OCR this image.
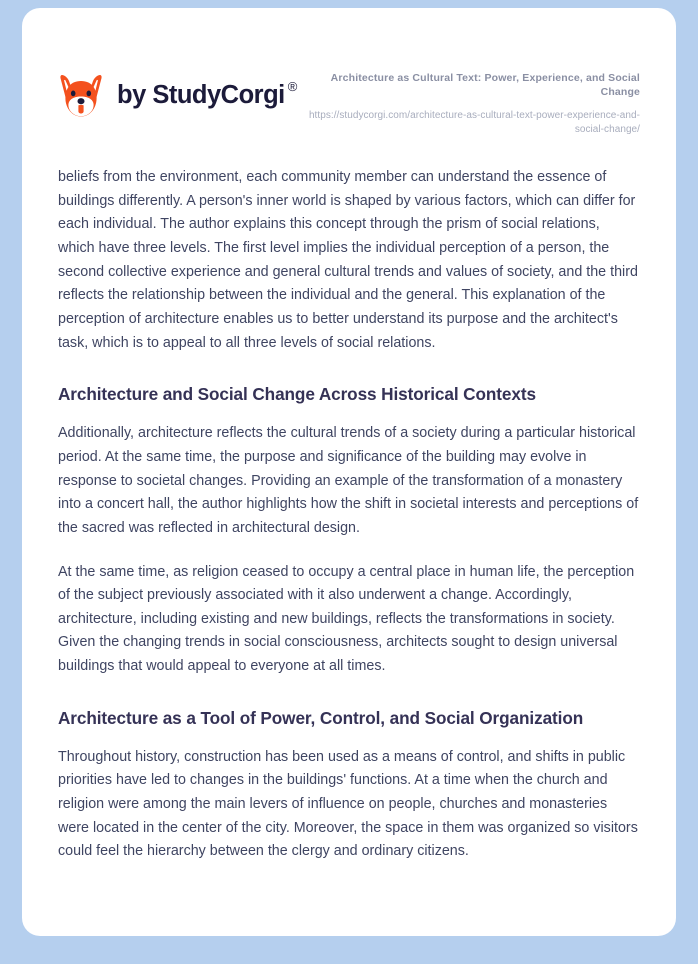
by StudyCorgi ®
Architecture as Cultural Text: Power, Experience, and Social Change
https://studycorgi.com/architecture-as-cultural-text-power-experience-and-social-change/

beliefs from the environment, each community member can understand the essence of buildings differently. A person's inner world is shaped by various factors, which can differ for each individual. The author explains this concept through the prism of social relations, which have three levels. The first level implies the individual perception of a person, the second collective experience and general cultural trends and values of society, and the third reflects the relationship between the individual and the general. This explanation of the perception of architecture enables us to better understand its purpose and the architect's task, which is to appeal to all three levels of social relations.

Architecture and Social Change Across Historical Contexts

Additionally, architecture reflects the cultural trends of a society during a particular historical period. At the same time, the purpose and significance of the building may evolve in response to societal changes. Providing an example of the transformation of a monastery into a concert hall, the author highlights how the shift in societal interests and perceptions of the sacred was reflected in architectural design.

At the same time, as religion ceased to occupy a central place in human life, the perception of the subject previously associated with it also underwent a change. Accordingly, architecture, including existing and new buildings, reflects the transformations in society. Given the changing trends in social consciousness, architects sought to design universal buildings that would appeal to everyone at all times.

Architecture as a Tool of Power, Control, and Social Organization

Throughout history, construction has been used as a means of control, and shifts in public priorities have led to changes in the buildings' functions. At a time when the church and religion were among the main levers of influence on people, churches and monasteries were located in the center of the city. Moreover, the space in them was organized so visitors could feel the hierarchy between the clergy and ordinary citizens.
